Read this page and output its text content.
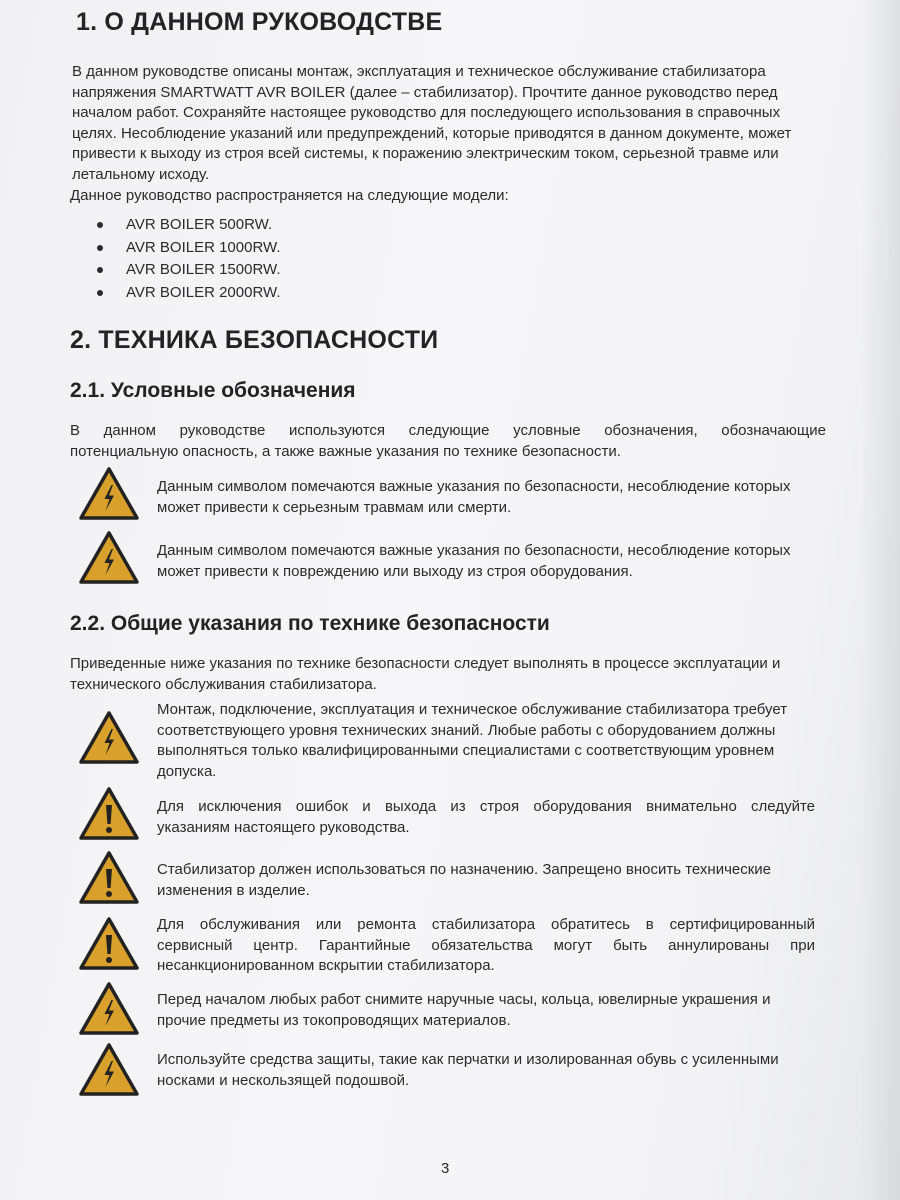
1. О ДАННОМ РУКОВОДСТВЕ
В данном руководстве описаны монтаж, эксплуатация и техническое обслуживание стабилизатора
напряжения SMARTWATT AVR BOILER (далее – стабилизатор). Прочтите данное руководство перед
началом работ. Сохраняйте настоящее руководство для последующего использования в справочных
целях. Несоблюдение указаний или предупреждений, которые приводятся в данном документе, может
привести к выходу из строя всей системы, к поражению электрическим током, серьезной травме или
летальному исходу.
Данное руководство распространяется на следующие модели:
AVR BOILER 500RW.
AVR BOILER 1000RW.
AVR BOILER 1500RW.
AVR BOILER 2000RW.
2. ТЕХНИКА БЕЗОПАСНОСТИ
2.1. Условные обозначения
В данном руководстве используются следующие условные обозначения, обозначающие
потенциальную опасность, а также важные указания по технике безопасности.
Данным символом помечаются важные указания по безопасности, несоблюдение которых
может привести к серьезным травмам или смерти.
Данным символом помечаются важные указания по безопасности, несоблюдение которых
может привести к повреждению или выходу из строя оборудования.
2.2. Общие указания по технике безопасности
Приведенные ниже указания по технике безопасности следует выполнять в процессе эксплуатации и
технического обслуживания стабилизатора.
Монтаж, подключение, эксплуатация и техническое обслуживание стабилизатора требует
соответствующего уровня технических знаний. Любые работы с оборудованием должны
выполняться только квалифицированными специалистами с соответствующим уровнем
допуска.
Для исключения ошибок и выхода из строя оборудования внимательно следуйте
указаниям настоящего руководства.
Стабилизатор должен использоваться по назначению. Запрещено вносить технические
изменения в изделие.
Для обслуживания или ремонта стабилизатора обратитесь в сертифицированный
сервисный центр. Гарантийные обязательства могут быть аннулированы при
несанкционированном вскрытии стабилизатора.
Перед началом любых работ снимите наручные часы, кольца, ювелирные украшения и
прочие предметы из токопроводящих материалов.
Используйте средства защиты, такие как перчатки и изолированная обувь с усиленными
носками и нескользящей подошвой.
3
